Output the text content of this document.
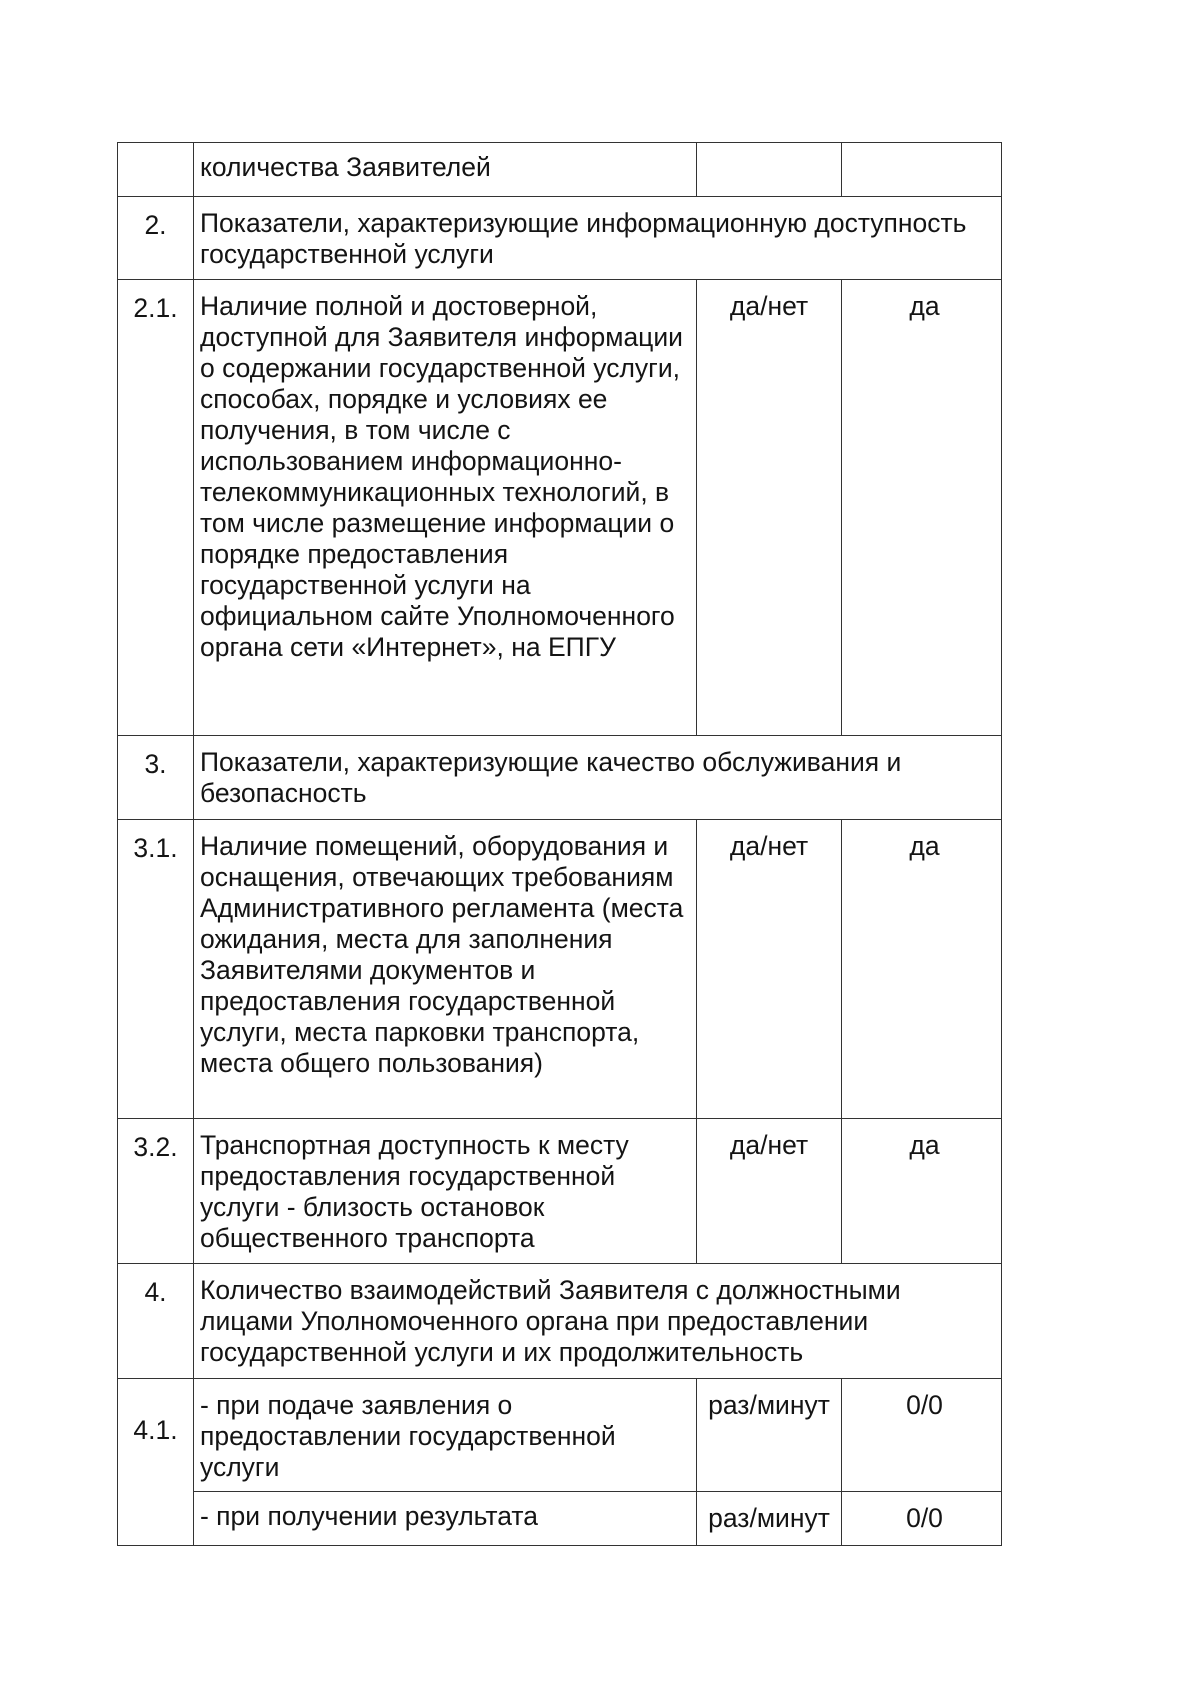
	количества Заявителей		

2.	Показатели, характеризующие информационную доступность государственной услуги		

2.1.	Наличие полной и достоверной, доступной для Заявителя информации о содержании государственной услуги, способах, порядке и условиях ее получения, в том числе с использованием информационно-телекоммуникационных технологий, в том числе размещение информации о порядке предоставления государственной услуги на официальном сайте Уполномоченного органа сети «Интернет», на ЕПГУ	да/нет	да
3.	Показатели, характеризующие качество обслуживания и безопасность		

3.1.	Наличие помещений, оборудования и оснащения, отвечающих требованиям Административного регламента (места ожидания, места для заполнения Заявителями документов и предоставления государственной услуги, места парковки транспорта, места общего пользования)	да/нет	да
3.2.	Транспортная доступность к месту предоставления государственной услуги - близость остановок общественного транспорта	да/нет	да
4.	Количество взаимодействий Заявителя с должностными лицами Уполномоченного органа при предоставлении государственной услуги и их продолжительность		

4.1.	- при подаче заявления о предоставлении государственной услуги	раз/минут	0/0

	- при получении результата	раз/минут	0/0
